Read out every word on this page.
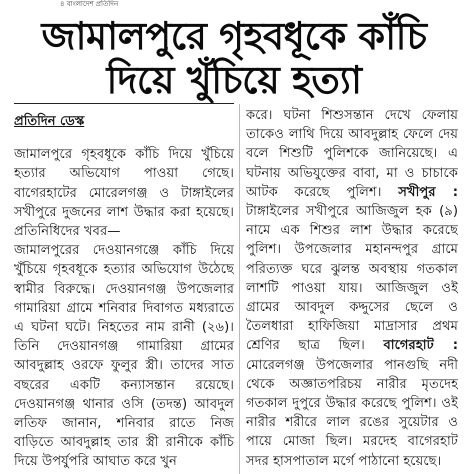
৪ বাংলাদেশ প্রতিদিন
জামালপুরে গৃহবধূকে কাঁচি
দিয়ে খুঁচিয়ে হত্যা
প্রতিদিন ডেস্ক

জামালপুরে গৃহবধূকে কাঁচি দিয়ে খুঁচিয়ে হত্যার অভিযোগ পাওয়া গেছে। বাগেরহাটের মোরেলগঞ্জ ও টাঙ্গাইলের সখীপুরে দুজনের লাশ উদ্ধার করা হয়েছে। প্রতিনিধিদের খবর—

জামালপুরের দেওয়ানগঞ্জে কাঁচি দিয়ে খুঁচিয়ে গৃহবধূকে হত্যার অভিযোগ উঠেছে স্বামীর বিরুদ্ধে। দেওয়ানগঞ্জ উপজেলার গামারিয়া গ্রামে শনিবার দিবাগত মধ্যরাতে এ ঘটনা ঘটে। নিহতের নাম রানী (২৬)। তিনি দেওয়ানগঞ্জ গামারিয়া গ্রামের আবদুল্লাহ ওরফে ফুলুর স্ত্রী। তাদের সাত বছরের একটি কন্যাসন্তান রয়েছে। দেওয়ানগঞ্জ থানার ওসি (তদন্ত) আবদুল লতিফ জানান, শনিবার রাতে নিজ বাড়িতে আবদুল্লাহ তার স্ত্রী রানীকে কাঁচি দিয়ে উপর্যুপরি আঘাত করে খুন

করে। ঘটনা শিশুসন্তান দেখে ফেলায় তাকেও লাথি দিয়ে আবদুল্লাহ ফেলে দেয় বলে শিশুটি পুলিশকে জানিয়েছে। এ ঘটনায় অভিযুক্তের বাবা, মা ও চাচাকে আটক করেছে পুলিশ। সখীপুর : টাঙ্গাইলের সখীপুরে আজিজুল হক (৯) নামে এক শিশুর লাশ উদ্ধার করেছে পুলিশ। উপজেলার মহানন্দপুর গ্রামে পরিত্যক্ত ঘরে ঝুলন্ত অবস্থায় গতকাল লাশটি পাওয়া যায়। আজিজুল ওই গ্রামের আবদুল কদ্দুসের ছেলে ও তৈলধারা হাফিজিয়া মাদ্রাসার প্রথম শ্রেণির ছাত্র ছিল। বাগেরহাট : মোরেলগঞ্জ উপজেলার পানগুছি নদী থেকে অজ্ঞাতপরিচয় নারীর মৃতদেহ গতকাল দুপুরে উদ্ধার করেছে পুলিশ। ওই নারীর শরীরে লাল রঙের সুয়েটার ও পায়ে মোজা ছিল। মরদেহ বাগেরহাট সদর হাসপাতাল মর্গে পাঠানো হয়েছে।
